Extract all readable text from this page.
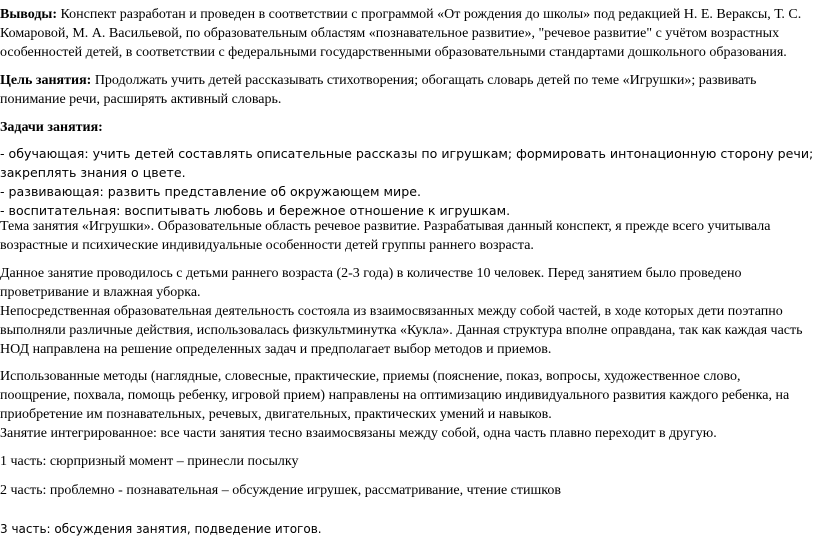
Выводы: Конспект разработан и проведен в соответствии с программой «От рождения до школы» под редакцией Н. Е. Вераксы, Т. С. Комаровой, М. А. Васильевой, по образовательным областям «познавательное развитие», "речевое развитие" с учётом возрастных особенностей детей, в соответствии с федеральными государственными образовательными стандартами дошкольного образования.

Цель занятия: Продолжать учить детей рассказывать стихотворения; обогащать словарь детей по теме «Игрушки»; развивать понимание речи, расширять активный словарь.

Задачи занятия:

- обучающая: учить детей составлять описательные рассказы по игрушкам; формировать интонационную сторону речи;
закреплять знания о цвете.
- развивающая: развить представление об окружающем мире.
- воспитательная: воспитывать любовь и бережное отношение к игрушкам.

Тема занятия «Игрушки». Образовательные область речевое развитие. Разрабатывая данный конспект, я прежде всего учитывала возрастные и психические индивидуальные особенности детей группы раннего возраста.

Данное занятие проводилось с детьми раннего возраста (2-3 года) в количестве 10 человек. Перед занятием было проведено проветривание и влажная уборка.

Непосредственная образовательная деятельность состояла из взаимосвязанных между собой частей, в ходе которых дети поэтапно выполняли различные действия, использовалась физкультминутка «Кукла». Данная структура вполне оправдана, так как каждая часть НОД направлена на решение определенных задач и предполагает выбор методов и приемов.

Использованные методы (наглядные, словесные, практические, приемы (пояснение, показ, вопросы, художественное слово, поощрение, похвала, помощь ребенку, игровой прием) направлены на оптимизацию индивидуального развития каждого ребенка, на приобретение им познавательных, речевых, двигательных, практических умений и навыков.

Занятие интегрированное: все части занятия тесно взаимосвязаны между собой, одна часть плавно переходит в другую.

1 часть: сюрпризный момент – принесли посылку

2 часть: проблемно - познавательная – обсуждение игрушек, рассматривание, чтение стишков

3 часть: обсуждения занятия, подведение итогов.
